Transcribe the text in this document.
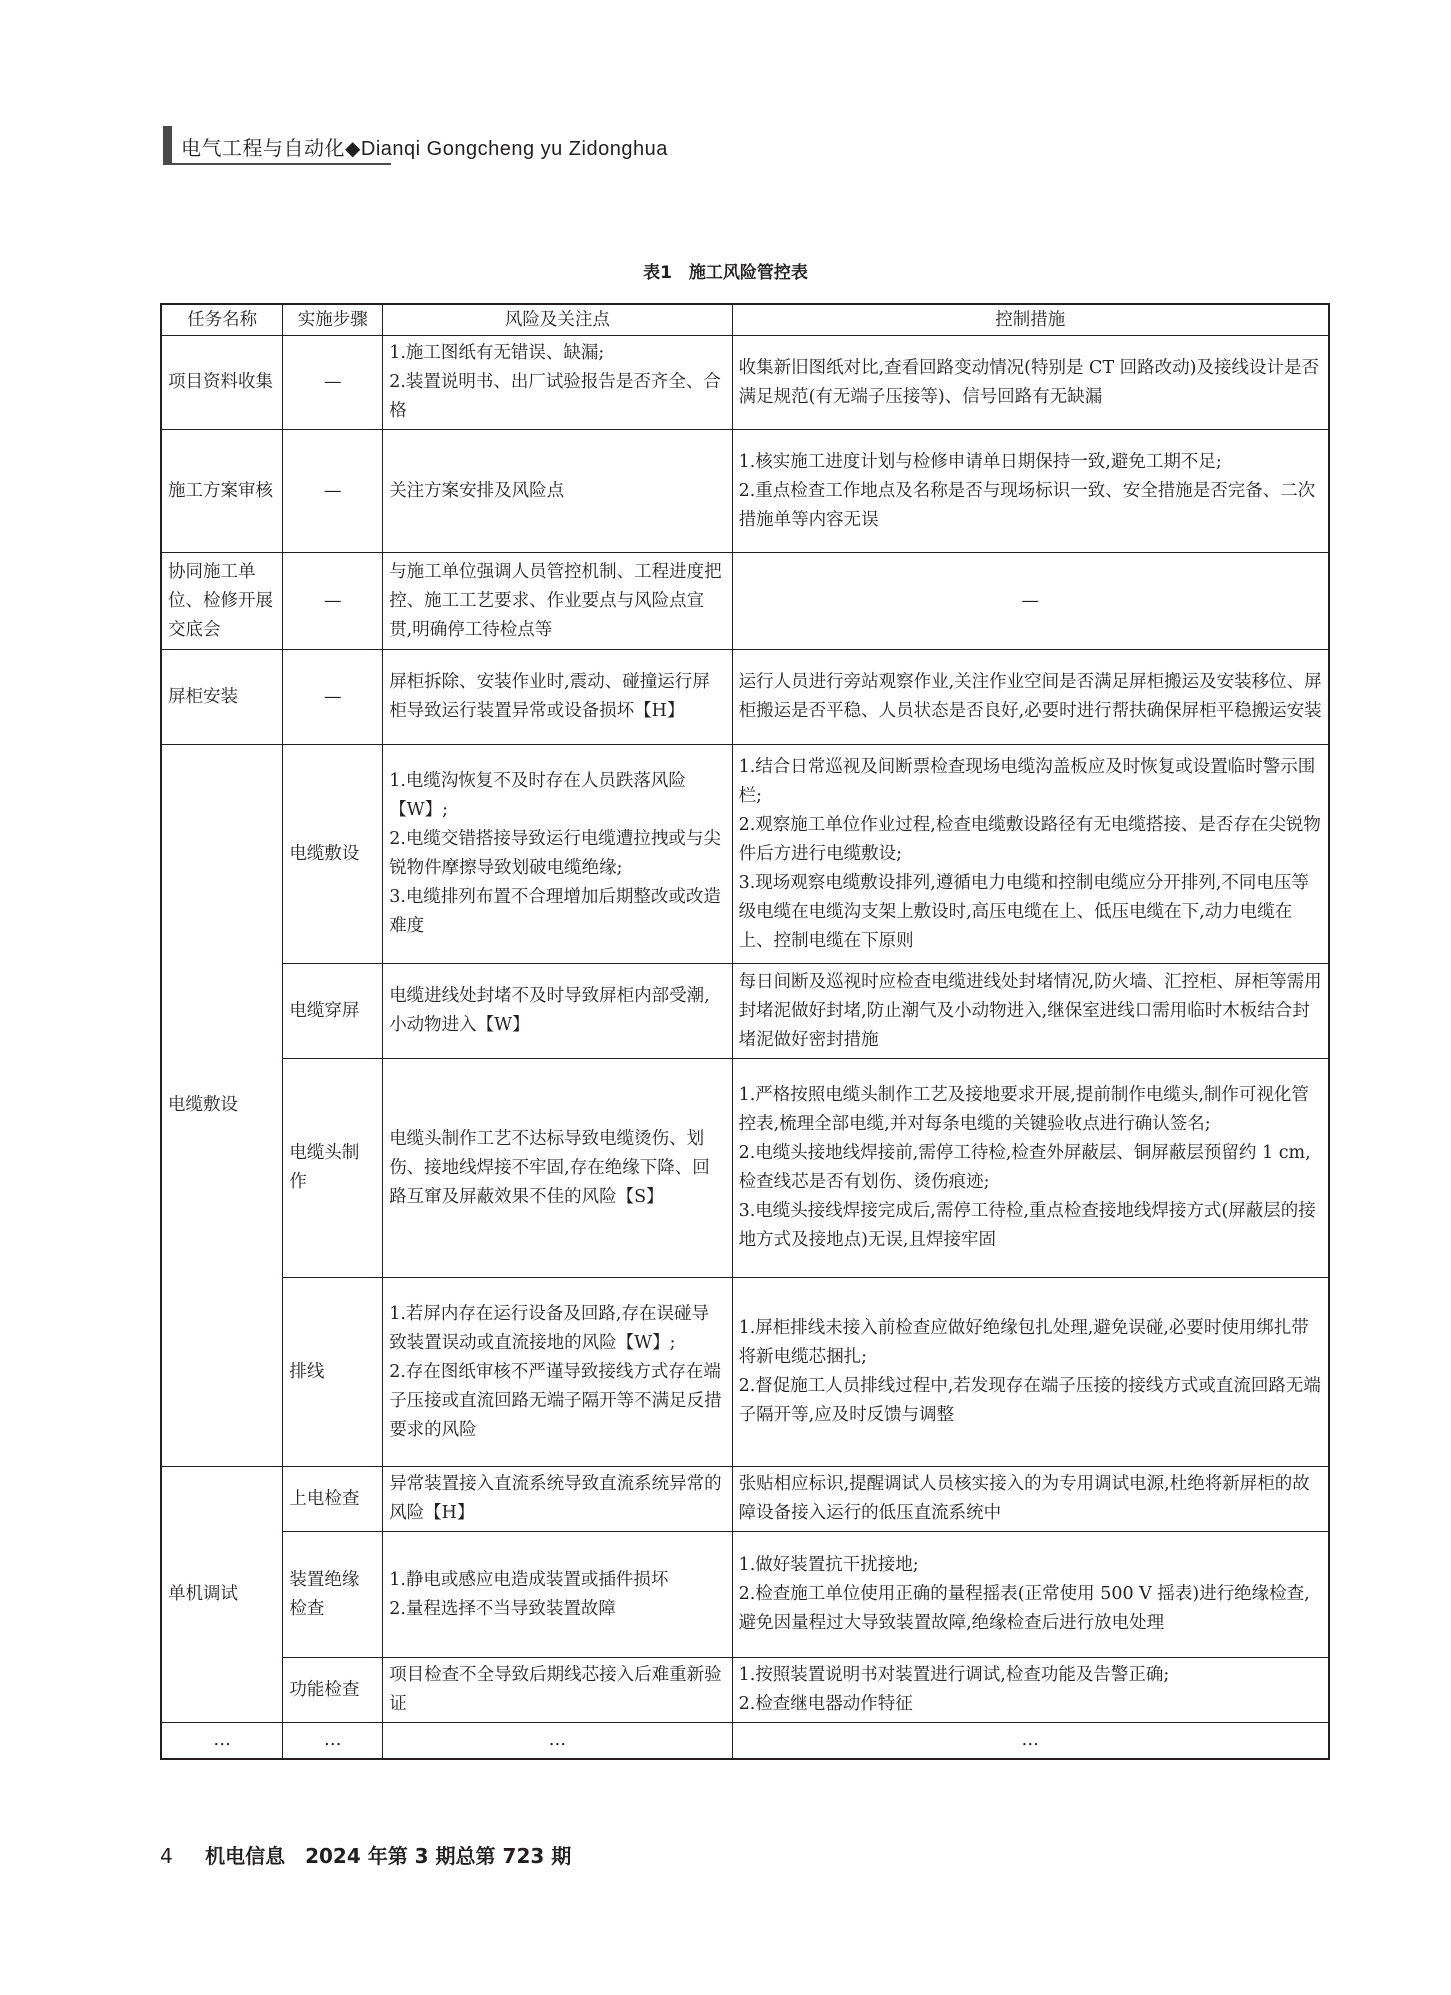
电气工程与自动化◆Dianqi Gongcheng yu Zidonghua
表1　施工风险管控表
任务名称	实施步骤	风险及关注点	控制措施
项目资料收集	—	1.施工图纸有无错误、缺漏;
2.装置说明书、出厂试验报告是否齐全、合格	收集新旧图纸对比,查看回路变动情况(特别是 CT 回路改动)及接线设计是否满足规范(有无端子压接等)、信号回路有无缺漏

施工方案审核	—	关注方案安排及风险点	1.核实施工进度计划与检修申请单日期保持一致,避免工期不足;
2.重点检查工作地点及名称是否与现场标识一致、安全措施是否完备、二次措施单等内容无误

协同施工单位、检修开展交底会	—	与施工单位强调人员管控机制、工程进度把控、施工工艺要求、作业要点与风险点宣贯,明确停工待检点等	—

屏柜安装	—	屏柜拆除、安装作业时,震动、碰撞运行屏柜导致运行装置异常或设备损坏【H】	运行人员进行旁站观察作业,关注作业空间是否满足屏柜搬运及安装移位、屏柜搬运是否平稳、人员状态是否良好,必要时进行帮扶确保屏柜平稳搬运安装

电缆敷设	电缆敷设	1.电缆沟恢复不及时存在人员跌落风险【W】;
2.电缆交错搭接导致运行电缆遭拉拽或与尖锐物件摩擦导致划破电缆绝缘;
3.电缆排列布置不合理增加后期整改或改造难度	1.结合日常巡视及间断票检查现场电缆沟盖板应及时恢复或设置临时警示围栏;
2.观察施工单位作业过程,检查电缆敷设路径有无电缆搭接、是否存在尖锐物件后方进行电缆敷设;
3.现场观察电缆敷设排列,遵循电力电缆和控制电缆应分开排列,不同电压等级电缆在电缆沟支架上敷设时,高压电缆在上、低压电缆在下,动力电缆在上、控制电缆在下原则

	电缆穿屏	电缆进线处封堵不及时导致屏柜内部受潮,小动物进入【W】	每日间断及巡视时应检查电缆进线处封堵情况,防火墙、汇控柜、屏柜等需用封堵泥做好封堵,防止潮气及小动物进入,继保室进线口需用临时木板结合封堵泥做好密封措施

	电缆头制作	电缆头制作工艺不达标导致电缆烫伤、划伤、接地线焊接不牢固,存在绝缘下降、回路互窜及屏蔽效果不佳的风险【S】	1.严格按照电缆头制作工艺及接地要求开展,提前制作电缆头,制作可视化管控表,梳理全部电缆,并对每条电缆的关键验收点进行确认签名;
2.电缆头接地线焊接前,需停工待检,检查外屏蔽层、铜屏蔽层预留约 1 cm,检查线芯是否有划伤、烫伤痕迹;
3.电缆头接线焊接完成后,需停工待检,重点检查接地线焊接方式(屏蔽层的接地方式及接地点)无误,且焊接牢固

	排线	1.若屏内存在运行设备及回路,存在误碰导致装置误动或直流接地的风险【W】;
2.存在图纸审核不严谨导致接线方式存在端子压接或直流回路无端子隔开等不满足反措要求的风险	1.屏柜排线未接入前检查应做好绝缘包扎处理,避免误碰,必要时使用绑扎带将新电缆芯捆扎;
2.督促施工人员排线过程中,若发现存在端子压接的接线方式或直流回路无端子隔开等,应及时反馈与调整

单机调试	上电检查	异常装置接入直流系统导致直流系统异常的风险【H】	张贴相应标识,提醒调试人员核实接入的为专用调试电源,杜绝将新屏柜的故障设备接入运行的低压直流系统中

	装置绝缘检查	1.静电或感应电造成装置或插件损坏
2.量程选择不当导致装置故障	1.做好装置抗干扰接地;
2.检查施工单位使用正确的量程摇表(正常使用 500 V 摇表)进行绝缘检查,避免因量程过大导致装置故障,绝缘检查后进行放电处理

	功能检查	项目检查不全导致后期线芯接入后难重新验证	1.按照装置说明书对装置进行调试,检查功能及告警正确;
2.检查继电器动作特征

…	…	…	…
4 机电信息　2024 年第 3 期总第 723 期
